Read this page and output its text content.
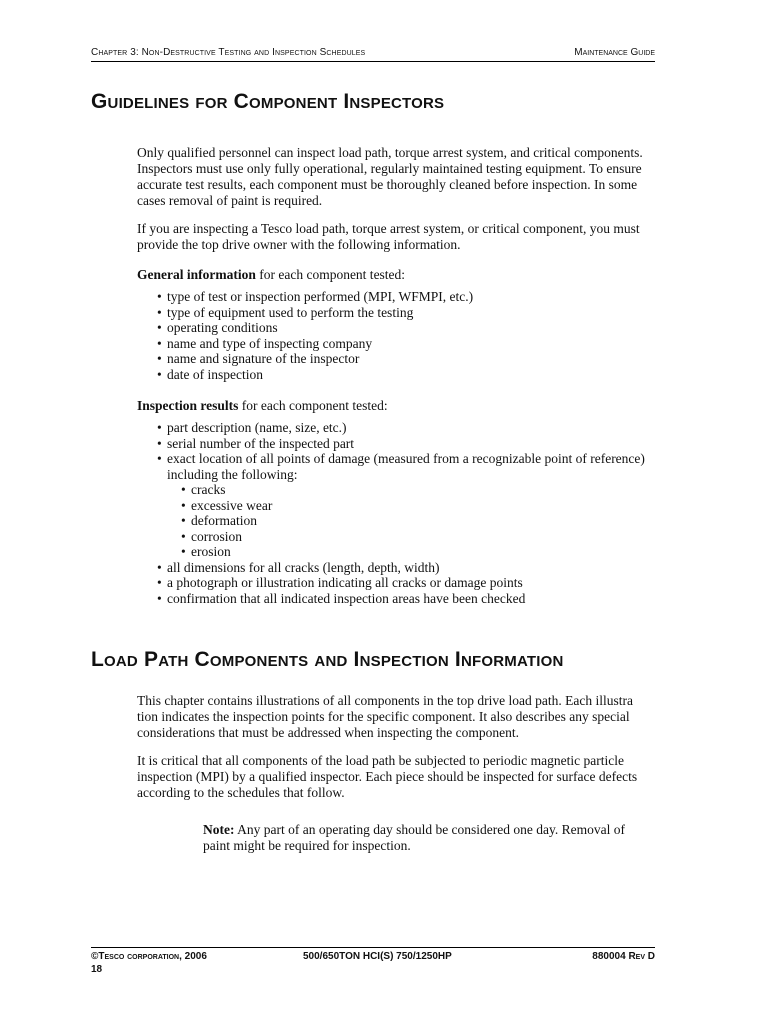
Chapter 3: Non-Destructive Testing and Inspection Schedules	Maintenance Guide
Guidelines for Component Inspectors

Only qualified personnel can inspect load path, torque arrest system, and critical components. Inspectors must use only fully operational, regularly maintained testing equipment. To ensure accurate test results, each component must be thoroughly cleaned before inspection. In some cases removal of paint is required.

If you are inspecting a Tesco load path, torque arrest system, or critical component, you must provide the top drive owner with the following information.

General information for each component tested:

• type of test or inspection performed (MPI, WFMPI, etc.)
• type of equipment used to perform the testing
• operating conditions
• name and type of inspecting company
• name and signature of the inspector
• date of inspection

Inspection results for each component tested:

• part description (name, size, etc.)
• serial number of the inspected part
• exact location of all points of damage (measured from a recognizable point of reference) including the following:
• cracks
• excessive wear
• deformation
• corrosion
• erosion
• all dimensions for all cracks (length, depth, width)
• a photograph or illustration indicating all cracks or damage points
• confirmation that all indicated inspection areas have been checked
Load Path Components and Inspection Information

This chapter contains illustrations of all components in the top drive load path. Each illustra tion indicates the inspection points for the specific component. It also describes any special considerations that must be addressed when inspecting the component.

It is critical that all components of the load path be subjected to periodic magnetic particle inspection (MPI) by a qualified inspector. Each piece should be inspected for surface defects according to the schedules that follow.

Note: Any part of an operating day should be considered one day. Removal of paint might be required for inspection.
©Tesco corporation, 2006	500/650TON HCI(S) 750/1250HP	880004 Rev D
18
